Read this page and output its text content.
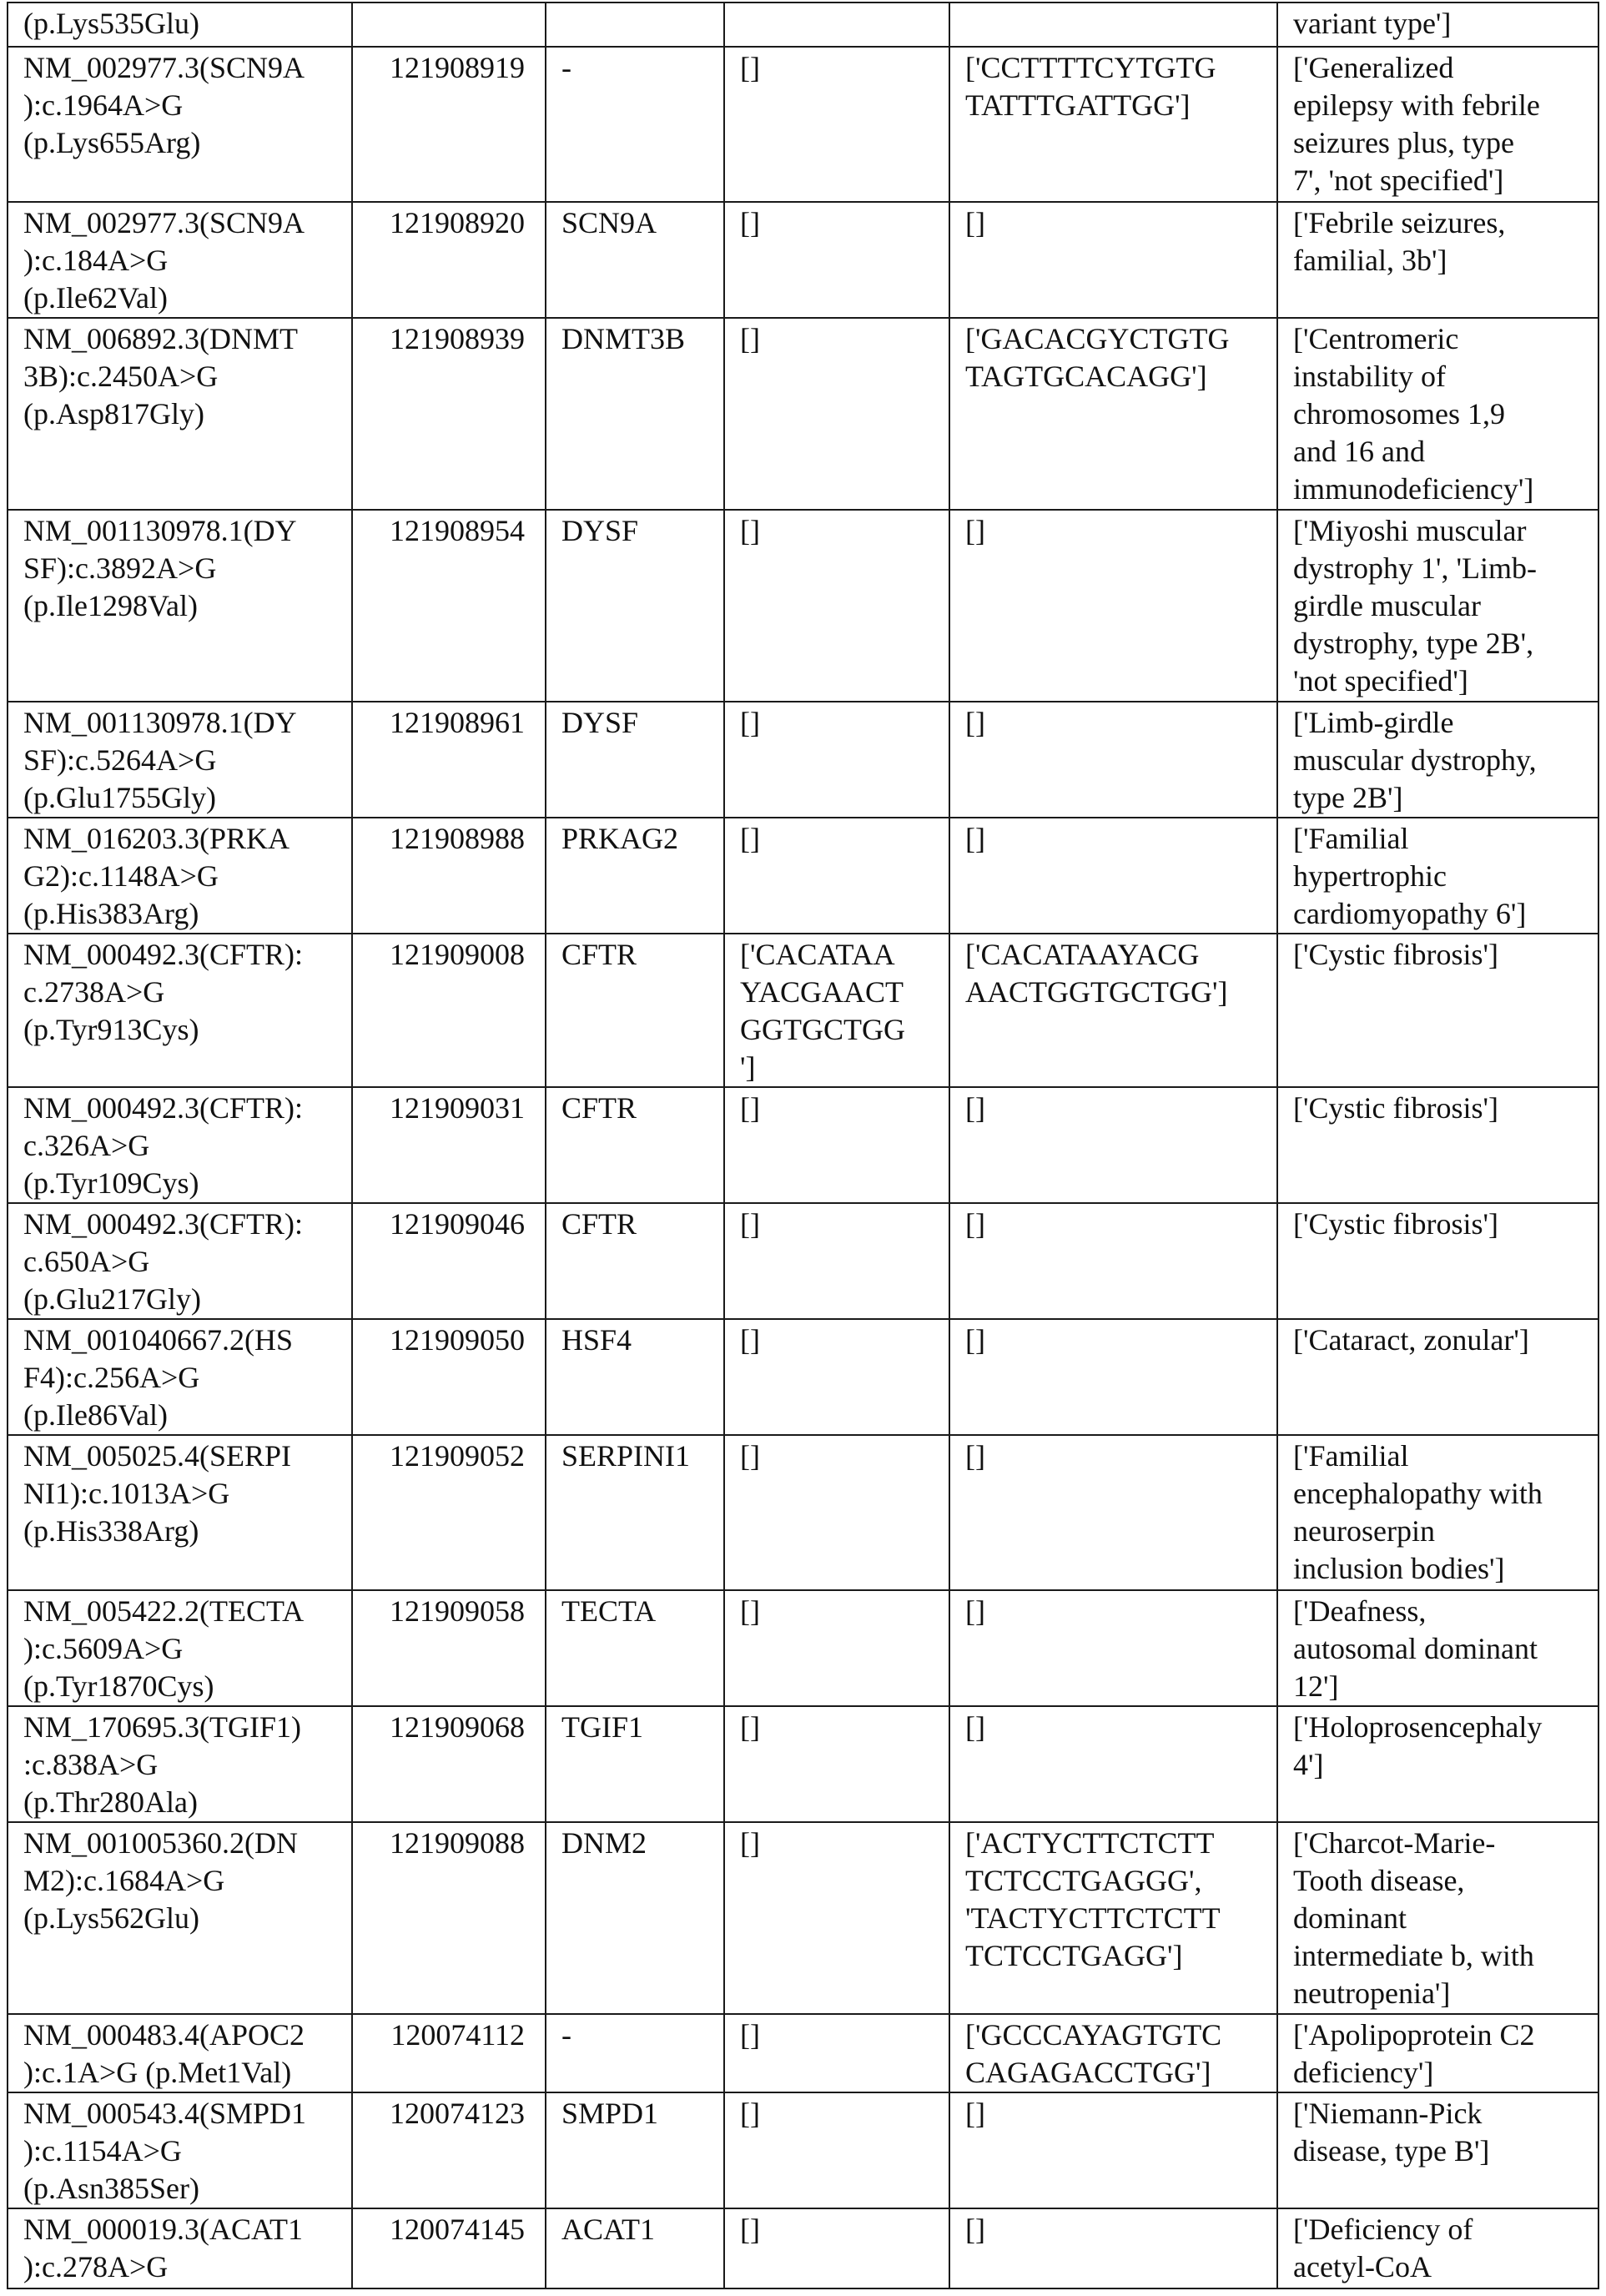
(p.Lys535Glu)					variant type']
NM_002977.3(SCN9A
):c.1964A>G
(p.Lys655Arg)	121908919	-	[]	['CCTTTTCYTGTG
TATTTGATTGG']	['Generalized
epilepsy with febrile
seizures plus, type
7', 'not specified']
NM_002977.3(SCN9A
):c.184A>G
(p.Ile62Val)	121908920	SCN9A	[]	[]	['Febrile seizures,
familial, 3b']
NM_006892.3(DNMT
3B):c.2450A>G
(p.Asp817Gly)	121908939	DNMT3B	[]	['GACACGYCTGTG
TAGTGCACAGG']	['Centromeric
instability of
chromosomes 1,9
and 16 and
immunodeficiency']
NM_001130978.1(DY
SF):c.3892A>G
(p.Ile1298Val)	121908954	DYSF	[]	[]	['Miyoshi muscular
dystrophy 1', 'Limb-
girdle muscular
dystrophy, type 2B',
'not specified']
NM_001130978.1(DY
SF):c.5264A>G
(p.Glu1755Gly)	121908961	DYSF	[]	[]	['Limb-girdle
muscular dystrophy,
type 2B']
NM_016203.3(PRKA
G2):c.1148A>G
(p.His383Arg)	121908988	PRKAG2	[]	[]	['Familial
hypertrophic
cardiomyopathy 6']
NM_000492.3(CFTR):
c.2738A>G
(p.Tyr913Cys)	121909008	CFTR	['CACATAA
YACGAACT
GGTGCTGG
']	['CACATAAYACG
AACTGGTGCTGG']	['Cystic fibrosis']
NM_000492.3(CFTR):
c.326A>G
(p.Tyr109Cys)	121909031	CFTR	[]	[]	['Cystic fibrosis']
NM_000492.3(CFTR):
c.650A>G
(p.Glu217Gly)	121909046	CFTR	[]	[]	['Cystic fibrosis']
NM_001040667.2(HS
F4):c.256A>G
(p.Ile86Val)	121909050	HSF4	[]	[]	['Cataract, zonular']
NM_005025.4(SERPI
NI1):c.1013A>G
(p.His338Arg)	121909052	SERPINI1	[]	[]	['Familial
encephalopathy with
neuroserpin
inclusion bodies']
NM_005422.2(TECTA
):c.5609A>G
(p.Tyr1870Cys)	121909058	TECTA	[]	[]	['Deafness,
autosomal dominant
12']
NM_170695.3(TGIF1)
:c.838A>G
(p.Thr280Ala)	121909068	TGIF1	[]	[]	['Holoprosencephaly
4']
NM_001005360.2(DN
M2):c.1684A>G
(p.Lys562Glu)	121909088	DNM2	[]	['ACTYCTTCTCTT
TCTCCTGAGGG',
'TACTYCTTCTCTT
TCTCCTGAGG']	['Charcot-Marie-
Tooth disease,
dominant
intermediate b, with
neutropenia']
NM_000483.4(APOC2
):c.1A>G (p.Met1Val)	120074112	-	[]	['GCCCAYAGTGTC
CAGAGACCTGG']	['Apolipoprotein C2
deficiency']
NM_000543.4(SMPD1
):c.1154A>G
(p.Asn385Ser)	120074123	SMPD1	[]	[]	['Niemann-Pick
disease, type B']
NM_000019.3(ACAT1
):c.278A>G	120074145	ACAT1	[]	[]	['Deficiency of
acetyl-CoA
